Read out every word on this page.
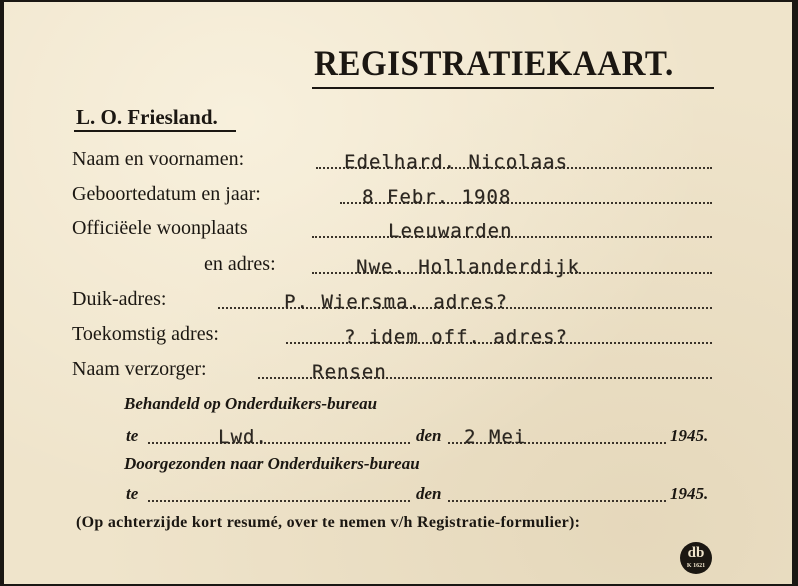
REGISTRATIEKAART.
L. O. Friesland.
Naam en voornamen:	Edelhard. Nicolaas
Geboortedatum en jaar:	8 Febr. 1908
Officiëele woonplaats	Leeuwarden
en adres:	Nwe. Hollanderdijk
Duik-adres:	P. Wiersma. adres?
Toekomstig adres:	? idem off. adres?
Naam verzorger:	Rensen
Behandeld op Onderduikers-bureau
te	Lwd.	den 2 Mei	1945.
Doorgezonden naar Onderduikers-bureau
te	den	1945.
(Op achterzijde kort resumé, over te nemen v/h Registratie-formulier):
db
K 1621
